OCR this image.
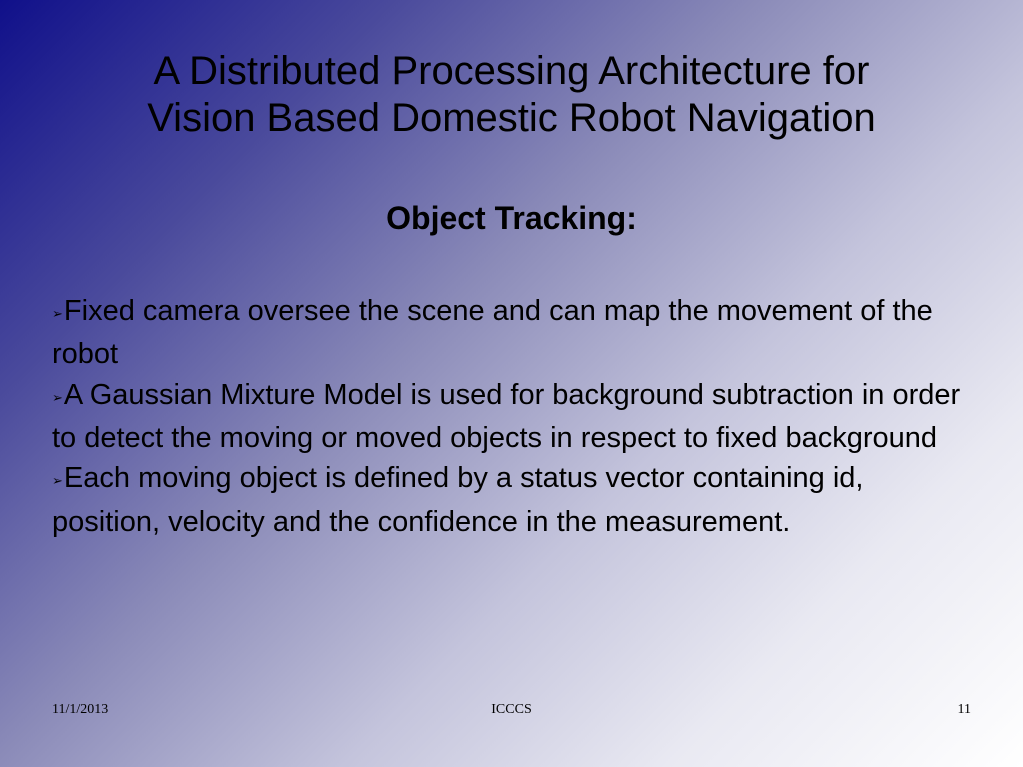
A Distributed Processing Architecture for
Vision Based Domestic Robot Navigation
Object Tracking:
➢Fixed camera oversee the scene and can map the movement of the robot
➢A Gaussian Mixture Model is used for background subtraction in order to detect the moving or moved objects in respect to fixed background
➢Each moving object is defined by a status vector containing id, position, velocity and the confidence in the measurement.
11/1/2013	ICCCS	11
